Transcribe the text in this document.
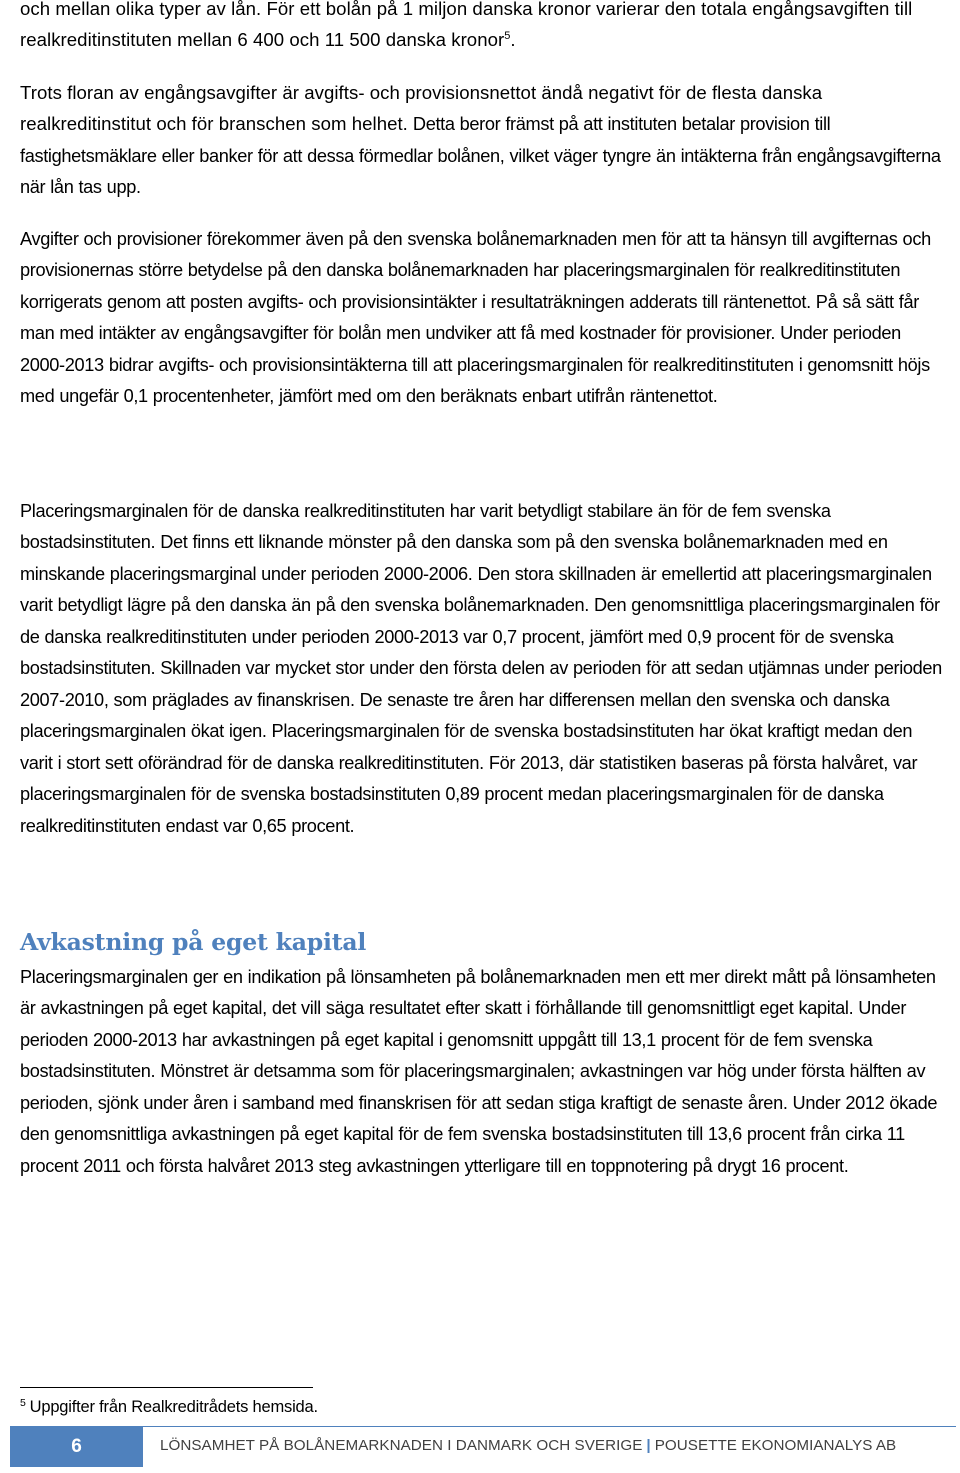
och mellan olika typer av lån. För ett bolån på 1 miljon danska kronor varierar den totala engångsavgiften till realkreditinstituten mellan 6 400 och 11 500 danska kronor$^5$.

Trots floran av engångsavgifter är avgifts- och provisionsnettot ändå negativt för de flesta danska realkreditinstitut och för branschen som helhet. Detta beror främst på att instituten betalar provision till fastighetsmäklare eller banker för att dessa förmedlar bolånen, vilket väger tyngre än intäkterna från engångsavgifterna när lån tas upp.

Avgifter och provisioner förekommer även på den svenska bolånemarknaden men för att ta hänsyn till avgifternas och provisionernas större betydelse på den danska bolånemarknaden har placeringsmarginalen för realkreditinstituten korrigerats genom att posten avgifts- och provisionsintäkter i resultaträkningen adderats till räntenettot. På så sätt får man med intäkter av engångsavgifter för bolån men undviker att få med kostnader för provisioner. Under perioden 2000-2013 bidrar avgifts- och provisionsintäkterna till att placeringsmarginalen för realkreditinstituten i genomsnitt höjs med ungefär 0,1 procentenheter, jämfört med om den beräknats enbart utifrån räntenettot.

Placeringsmarginalen för de danska realkreditinstituten har varit betydligt stabilare än för de fem svenska bostadsinstituten. Det finns ett liknande mönster på den danska som på den svenska bolånemarknaden med en minskande placeringsmarginal under perioden 2000-2006. Den stora skillnaden är emellertid att placeringsmarginalen varit betydligt lägre på den danska än på den svenska bolånemarknaden. Den genomsnittliga placeringsmarginalen för de danska realkreditinstituten under perioden 2000-2013 var 0,7 procent, jämfört med 0,9 procent för de svenska bostadsinstituten. Skillnaden var mycket stor under den första delen av perioden för att sedan utjämnas under perioden 2007-2010, som präglades av finanskrisen. De senaste tre åren har differensen mellan den svenska och danska placeringsmarginalen ökat igen. Placeringsmarginalen för de svenska bostadsinstituten har ökat kraftigt medan den varit i stort sett oförändrad för de danska realkreditinstituten. För 2013, där statistiken baseras på första halvåret, var placeringsmarginalen för de svenska bostadsinstituten 0,89 procent medan placeringsmarginalen för de danska realkreditinstituten endast var 0,65 procent.

Avkastning på eget kapital

Placeringsmarginalen ger en indikation på lönsamheten på bolånemarknaden men ett mer direkt mått på lönsamheten är avkastningen på eget kapital, det vill säga resultatet efter skatt i förhållande till genomsnittligt eget kapital. Under perioden 2000-2013 har avkastningen på eget kapital i genomsnitt uppgått till 13,1 procent för de fem svenska bostadsinstituten. Mönstret är detsamma som för placeringsmarginalen; avkastningen var hög under första hälften av perioden, sjönk under åren i samband med finanskrisen för att sedan stiga kraftigt de senaste åren. Under 2012 ökade den genomsnittliga avkastningen på eget kapital för de fem svenska bostadsinstituten till 13,6 procent från cirka 11 procent 2011 och första halvåret 2013 steg avkastningen ytterligare till en toppnotering på drygt 16 procent.

$^5$ Uppgifter från Realkreditrådets hemsida.
6	LÖNSAMHET PÅ BOLÅNEMARKNADEN I DANMARK OCH SVERIGE | POUSETTE EKONOMIANALYS AB
